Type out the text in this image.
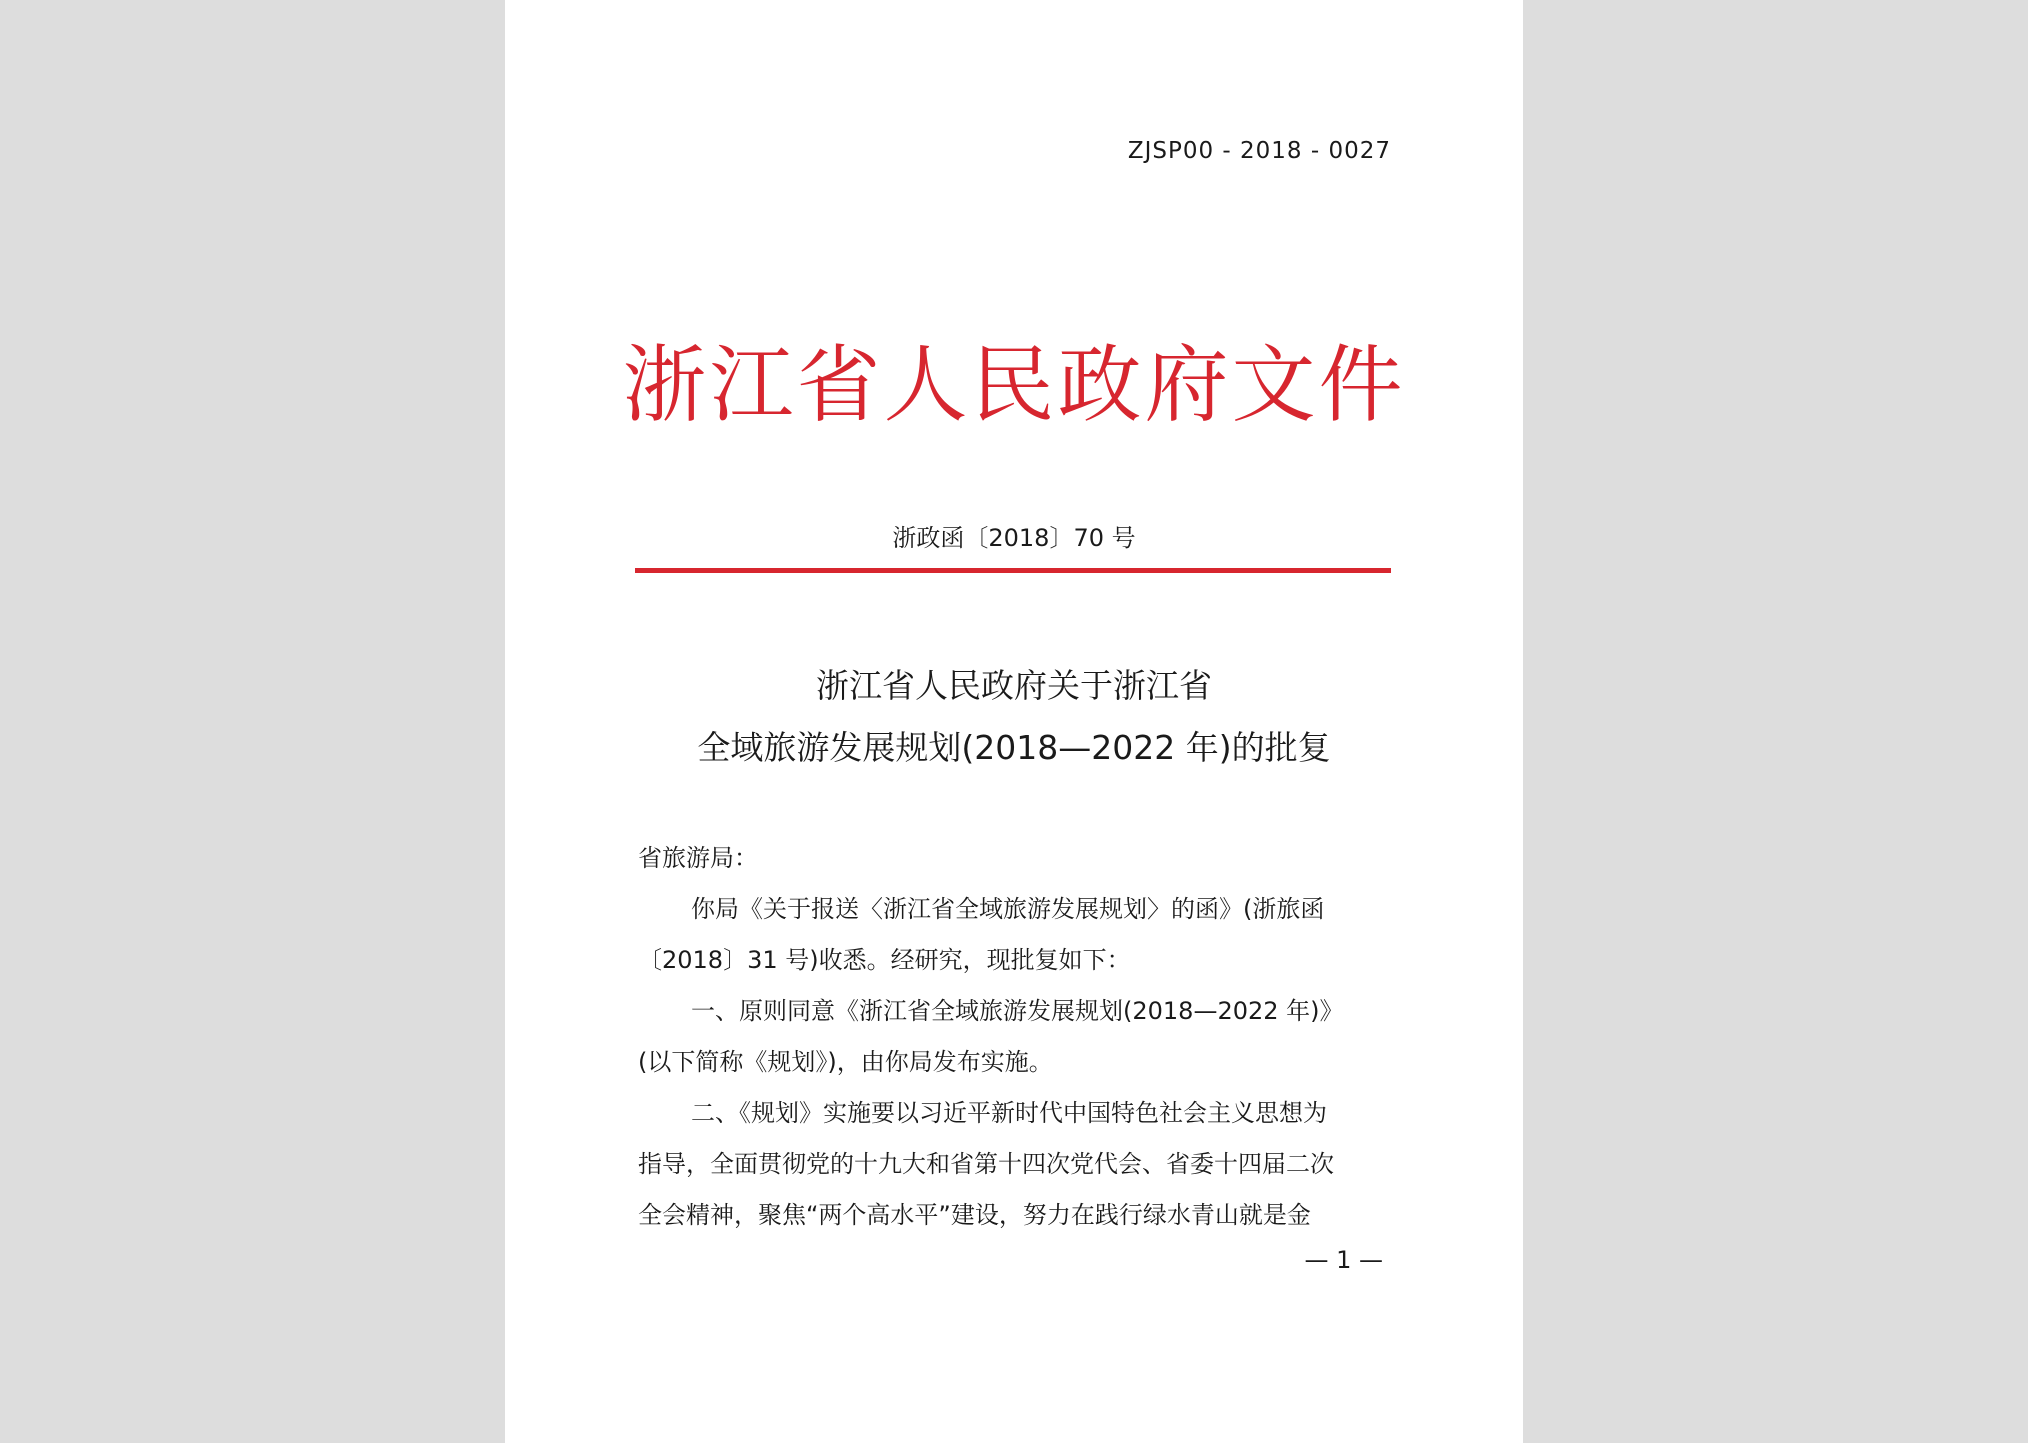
ZJSP00 - 2018 - 0027
浙江省人民政府文件
浙政函〔2018〕70 号
浙江省人民政府关于浙江省
全域旅游发展规划(2018—2022 年)的批复
省旅游局：
你局《关于报送〈浙江省全域旅游发展规划〉的函》(浙旅函
〔2018〕31 号)收悉。经研究，现批复如下：
一、原则同意《浙江省全域旅游发展规划(2018—2022 年)》
(以下简称《规划》)，由你局发布实施。
二、《规划》实施要以习近平新时代中国特色社会主义思想为
指导，全面贯彻党的十九大和省第十四次党代会、省委十四届二次
全会精神，聚焦“两个高水平”建设，努力在践行绿水青山就是金
— 1 —
